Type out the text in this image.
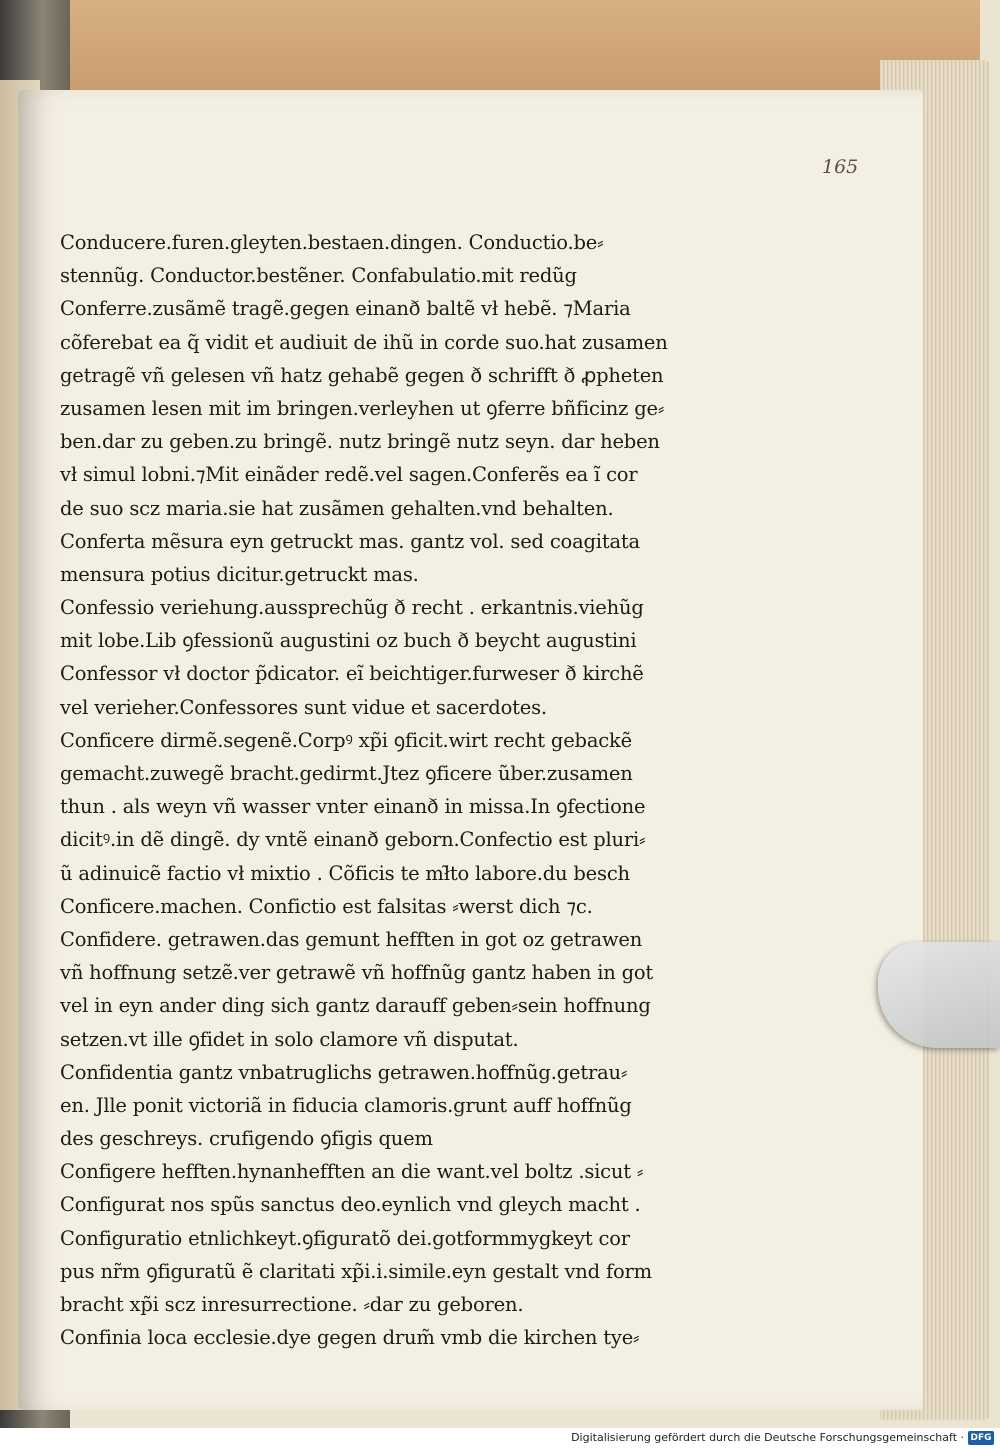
165
Conducere.furen.gleyten.bestaen.dingen. Conductio.be⸗
stennũg. Conductor.bestẽner. Confabulatio.mit redũg
Conferre.zusãmẽ tragẽ.gegen einanð baltẽ vł hebẽ. ⁊Maria
cõferebat ea q̃ vidit et audiuit de ihũ in corde suo.hat zusamen
getragẽ vñ gelesen vñ hatz gehabẽ gegen ð schrifft ð ꝓpheten
zusamen lesen mit im bringen.verleyhen ut ꝯferre bñficinz ge⸗
ben.dar zu geben.zu bringẽ. nutz bringẽ nutz seyn. dar heben
vł simul lobni.⁊Mit einãder redẽ.vel sagen.Conferẽs ea ĩ cor
de suo scz maria.sie hat zusãmen gehalten.vnd behalten.
Conferta mẽsura eyn getruckt mas. gantz vol. sed coagitata
mensura potius dicitur.getruckt mas.
Confessio veriehung.aussprechũg ð recht . erkantnis.viehũg
mit lobe.Lib ꝯfessionũ augustini oz buch ð beycht augustini
Confessor vł doctor p̃dicator. eĩ beichtiger.furweser ð kirchẽ
vel verieher.Confessores sunt vidue et sacerdotes.
Conficere dirmẽ.segenẽ.Corpꝰ xp̃i ꝯficit.wirt recht gebackẽ
gemacht.zuwegẽ bracht.gedirmt.Jtez ꝯficere ũber.zusamen
thun . als weyn vñ wasser vnter einanð in missa.In ꝯfectione
dicitꝰ.in dẽ dingẽ. dy vntẽ einanð geborn.Confectio est pluri⸗
ũ adinuicẽ factio vł mixtio . Cõficis te mł̃to labore.du besch
Conficere.machen. Confictio est falsitas ⸗werst dich ⁊c.
Confidere. getrawen.das gemunt hefften in got oz getrawen
vñ hoffnung setzẽ.ver getrawẽ vñ hoffnũg gantz haben in got
vel in eyn ander ding sich gantz darauff geben⸗sein hoffnung
setzen.vt ille ꝯfidet in solo clamore vñ disputat.
Confidentia gantz vnbatruglichs getrawen.hoffnũg.getrau⸗
en. Jlle ponit victoriã in fiducia clamoris.grunt auff hoffnũg
des geschreys. crufigendo ꝯfigis quem
Configere hefften.hynanhefften an die want.vel boltz .sicut ⸗
Configurat nos spũs sanctus deo.eynlich vnd gleych macht .
Configuratio etnlichkeyt.ꝯfiguratõ dei.gotformmygkeyt cor
pus nr̃m ꝯfiguratũ ẽ claritati xp̃i.i.simile.eyn gestalt vnd form
bracht xp̃i scz inresurrectione. ⸗dar zu geboren.
Confinia loca ecclesie.dye gegen drum̃ vmb die kirchen tye⸗
Digitalisierung gefördert durch die Deutsche Forschungsgemeinschaft · DFG
